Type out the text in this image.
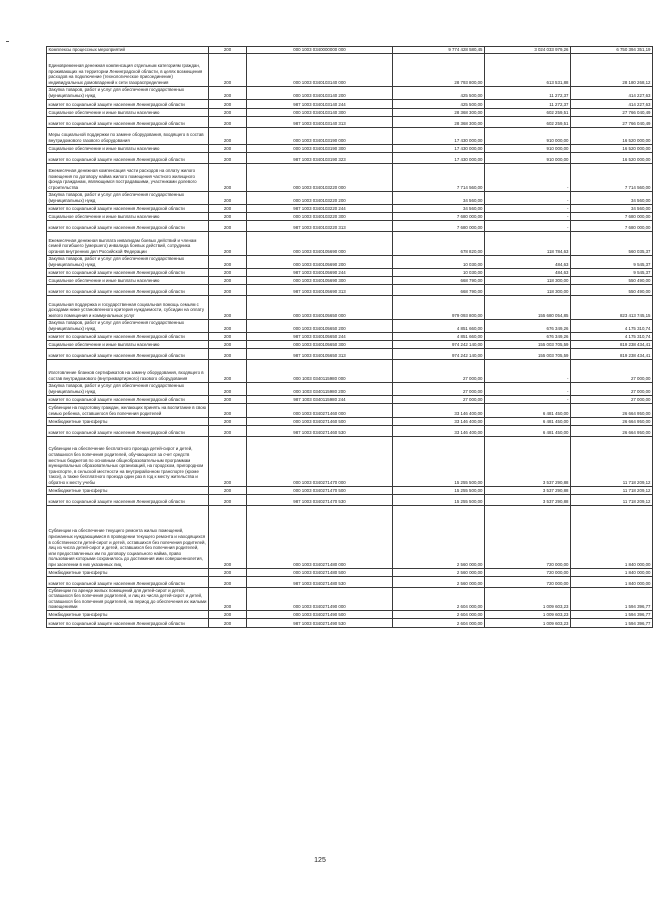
Комплексы процессных мероприятий	200	000 1003 0340000000 000	9 774 428 580,45	3 024 033 979,26	6 750 394 351,19
Единовременная денежная компенсация отдельным категориям граждан, проживающих на территории Ленинградской области, в целях возмещения расходов на подключение (технологическое присоединение) индивидуальных домовладений к сети газораспределения	200	000 1003 0340103140 000	28 793 800,00	613 531,88	28 180 268,12
Закупка товаров, работ и услуг для обеспечения государственных (муниципальных) нужд	200	000 1003 0340103140 200	425 500,00	11 272,37	414 227,63
комитет по социальной защите населения Ленинградской области	200	987 1003 0340103140 244	425 500,00	11 272,37	414 227,63
Социальное обеспечение и иные выплаты населению	200	000 1003 0340103140 300	28 368 300,00	602 259,51	27 766 040,49
комитет по социальной защите населения Ленинградской области	200	987 1003 0340103140 313	28 368 300,00	602 259,51	27 766 040,49
Меры социальной поддержки по замене оборудования, входящего в состав внутридомового газового оборудования	200	000 1003 0340103190 000	17 430 000,00	910 000,00	16 520 000,00
Социальное обеспечение и иные выплаты населению	200	000 1003 0340103190 300	17 430 000,00	910 000,00	16 520 000,00
комитет по социальной защите населения Ленинградской области	200	987 1003 0340103190 323	17 430 000,00	910 000,00	16 520 000,00
Ежемесячная денежная компенсация части расходов на оплату жилого помещения по договору найма жилого помещения частного жилищного фонда гражданам, являющимся пострадавшими, участниками долевого строительства	200	000 1003 0340103220 000	7 714 560,00	-	7 714 560,00
Закупка товаров, работ и услуг для обеспечения государственных (муниципальных) нужд	200	000 1003 0340103220 200	34 560,00	-	34 560,00
комитет по социальной защите населения Ленинградской области	200	987 1003 0340103220 244	34 560,00	-	34 560,00
Социальное обеспечение и иные выплаты населению	200	000 1003 0340103220 300	7 680 000,00	-	7 680 000,00
комитет по социальной защите населения Ленинградской области	200	987 1003 0340103220 313	7 680 000,00	-	7 680 000,00
Ежемесячная денежная выплата инвалидам боевых действий и членам семей погибшего (умершего) инвалида боевых действий, сотрудника органов внутренних дел Российской Федерации	200	000 1003 0340105690 000	678 820,00	118 784,63	560 035,37
Закупка товаров, работ и услуг для обеспечения государственных (муниципальных) нужд	200	000 1003 0340105690 200	10 030,00	484,63	9 545,37
комитет по социальной защите населения Ленинградской области	200	987 1003 0340105690 244	10 030,00	484,63	9 545,37
Социальное обеспечение и иные выплаты населению	200	000 1003 0340105690 300	668 790,00	118 300,00	550 490,00
комитет по социальной защите населения Ленинградской области	200	987 1003 0340105690 313	668 790,00	118 300,00	550 490,00
Социальная поддержка и государственная социальная помощь семьям с доходами ниже установленного критерия нуждаемости, субсидии на оплату жилого помещения и коммунальных услуг	200	000 1003 0340105650 000	979 093 800,00	155 680 054,85	823 413 745,15
Закупка товаров, работ и услуг для обеспечения государственных (муниципальных) нужд	200	000 1003 0340105650 200	4 851 660,00	676 349,26	4 175 310,74
комитет по социальной защите населения Ленинградской области	200	987 1003 0340105650 244	4 851 660,00	676 349,26	4 175 310,74
Социальное обеспечение и иные выплаты населению	200	000 1003 0340105650 300	974 242 140,00	155 003 705,59	819 238 434,41
комитет по социальной защите населения Ленинградской области	200	987 1003 0340105650 313	974 242 140,00	155 003 705,59	819 238 434,41
Изготовление бланков сертификатов на замену оборудования, входящего в состав внутридомового (внутриквартирного) газового оборудования	200	000 1003 0340115980 000	27 000,00	-	27 000,00
Закупка товаров, работ и услуг для обеспечения государственных (муниципальных) нужд	200	000 1003 0340115980 200	27 000,00	-	27 000,00
комитет по социальной защите населения Ленинградской области	200	987 1003 0340115980 244	27 000,00	-	27 000,00
Субвенции на подготовку граждан, желающих принять на воспитание в свою семью ребенка, оставшегося без попечения родителей	200	000 1003 0340271460 000	33 146 400,00	6 481 450,00	26 664 950,00
Межбюджетные трансферты	200	000 1003 0340271460 500	33 146 400,00	6 481 450,00	26 664 950,00
комитет по социальной защите населения Ленинградской области	200	987 1003 0340271460 530	33 146 400,00	6 481 450,00	26 664 950,00
Субвенции на обеспечение бесплатного проезда детей-сирот и детей, оставшихся без попечения родителей, обучающихся за счет средств местных бюджетов по основным общеобразовательным программам муниципальных образовательных организаций, на городском, пригородном транспорте, в сельской местности на внутрирайонном транспорте (кроме такси), а также бесплатного проезда один раз в год к месту жительства и обратно к месту учебы	200	000 1003 0340271470 000	15 255 500,00	3 537 290,88	11 718 209,12
Межбюджетные трансферты	200	000 1003 0340271470 500	15 255 500,00	3 537 290,88	11 718 209,12
комитет по социальной защите населения Ленинградской области	200	987 1003 0340271470 530	15 255 500,00	3 537 290,88	11 718 209,12
Субвенции на обеспечение текущего ремонта жилых помещений, признанных нуждающимися в проведении текущего ремонта и находящихся в собственности детей-сирот и детей, оставшихся без попечения родителей, лиц из числа детей-сирот и детей, оставшихся без попечения родителей, или предоставленных им по договору социального найма, право пользования которыми сохранилось до достижения ими совершеннолетия, при заселении в них указанных лиц	200	000 1003 0340271480 000	2 560 000,00	720 000,00	1 840 000,00
Межбюджетные трансферты	200	000 1003 0340271480 500	2 560 000,00	720 000,00	1 840 000,00
комитет по социальной защите населения Ленинградской области	200	987 1003 0340271480 530	2 560 000,00	720 000,00	1 840 000,00
Субвенции по аренде жилых помещений для детей-сирот и детей, оставшихся без попечения родителей, и лиц из числа детей-сирот и детей, оставшихся без попечения родителей, на период до обеспечения их жилыми помещениями	200	000 1003 0340271490 000	2 604 000,00	1 009 603,23	1 594 396,77
Межбюджетные трансферты	200	000 1003 0340271490 500	2 604 000,00	1 009 603,23	1 594 396,77
комитет по социальной защите населения Ленинградской области	200	987 1003 0340271490 530	2 604 000,00	1 009 603,23	1 594 396,77
125
